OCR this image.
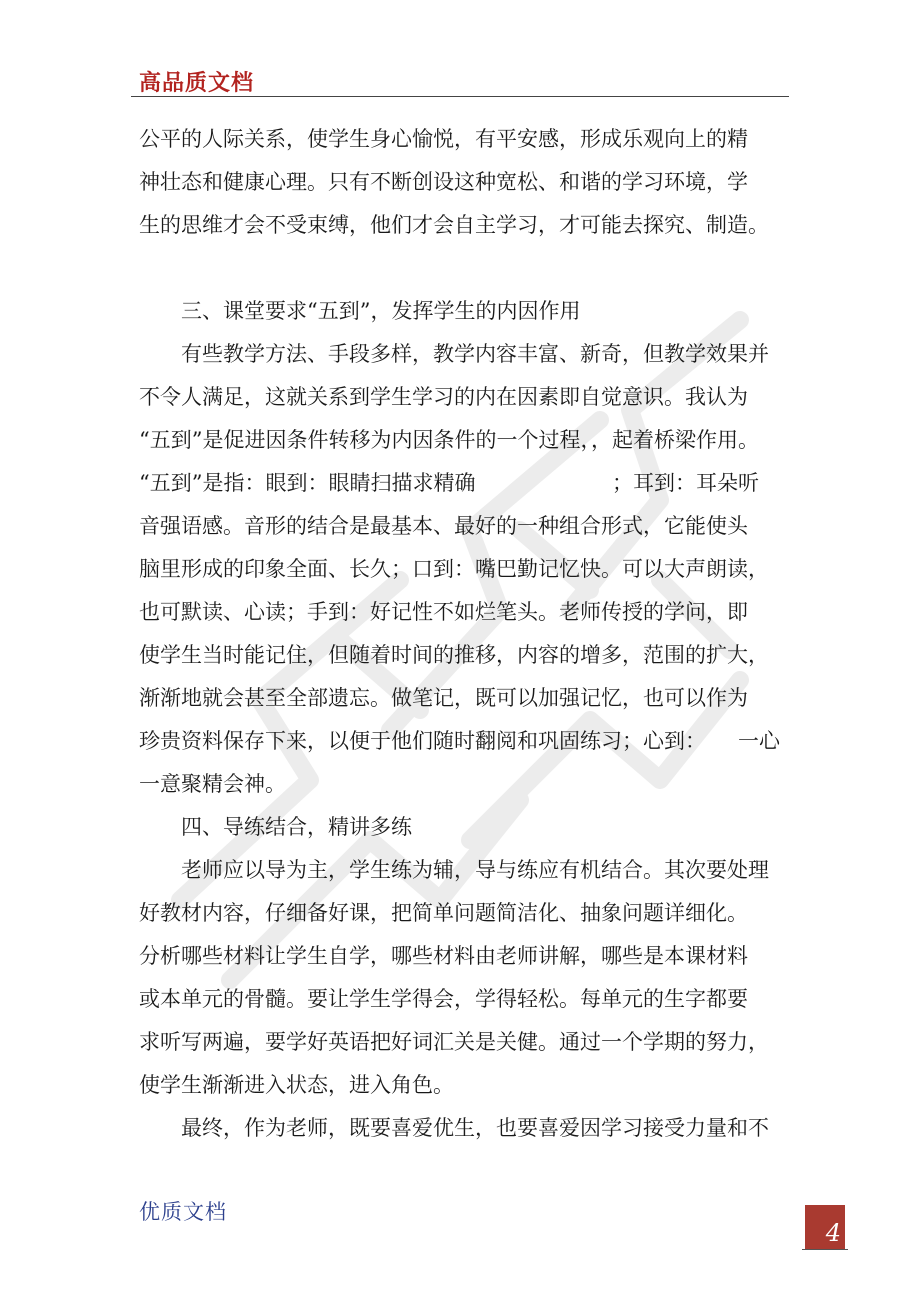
高品质文档
公平的人际关系，使学生身心愉悦，有平安感，形成乐观向上的精
神壮态和健康心理。只有不断创设这种宽松、和谐的学习环境，学
生的思维才会不受束缚，他们才会自主学习，才可能去探究、制造。
三、课堂要求“五到”，发挥学生的内因作用
有些教学方法、手段多样，教学内容丰富、新奇，但教学效果并
不令人满足，这就关系到学生学习的内在因素即自觉意识。我认为
“五到”是促进因条件转移为内因条件的一个过程，，起着桥梁作用。
“五到”是指：眼到：眼睛扫描求精确	；耳到：耳朵听
音强语感。音形的结合是最基本、最好的一种组合形式，它能使头
脑里形成的印象全面、长久；口到：嘴巴勤记忆快。可以大声朗读，
也可默读、心读；手到：好记性不如烂笔头。老师传授的学问，即
使学生当时能记住，但随着时间的推移，内容的增多，范围的扩大，
渐渐地就会甚至全部遗忘。做笔记，既可以加强记忆，也可以作为
珍贵资料保存下来，以便于他们随时翻阅和巩固练习；心到： 一心
一意聚精会神。
四、导练结合，精讲多练
老师应以导为主，学生练为辅，导与练应有机结合。其次要处理
好教材内容，仔细备好课，把简单问题简洁化、抽象问题详细化。
分析哪些材料让学生自学，哪些材料由老师讲解，哪些是本课材料
或本单元的骨髓。要让学生学得会，学得轻松。每单元的生字都要
求听写两遍，要学好英语把好词汇关是关健。通过一个学期的努力，
使学生渐渐进入状态，进入角色。
最终，作为老师，既要喜爱优生，也要喜爱因学习接受力量和不
优质文档
4
